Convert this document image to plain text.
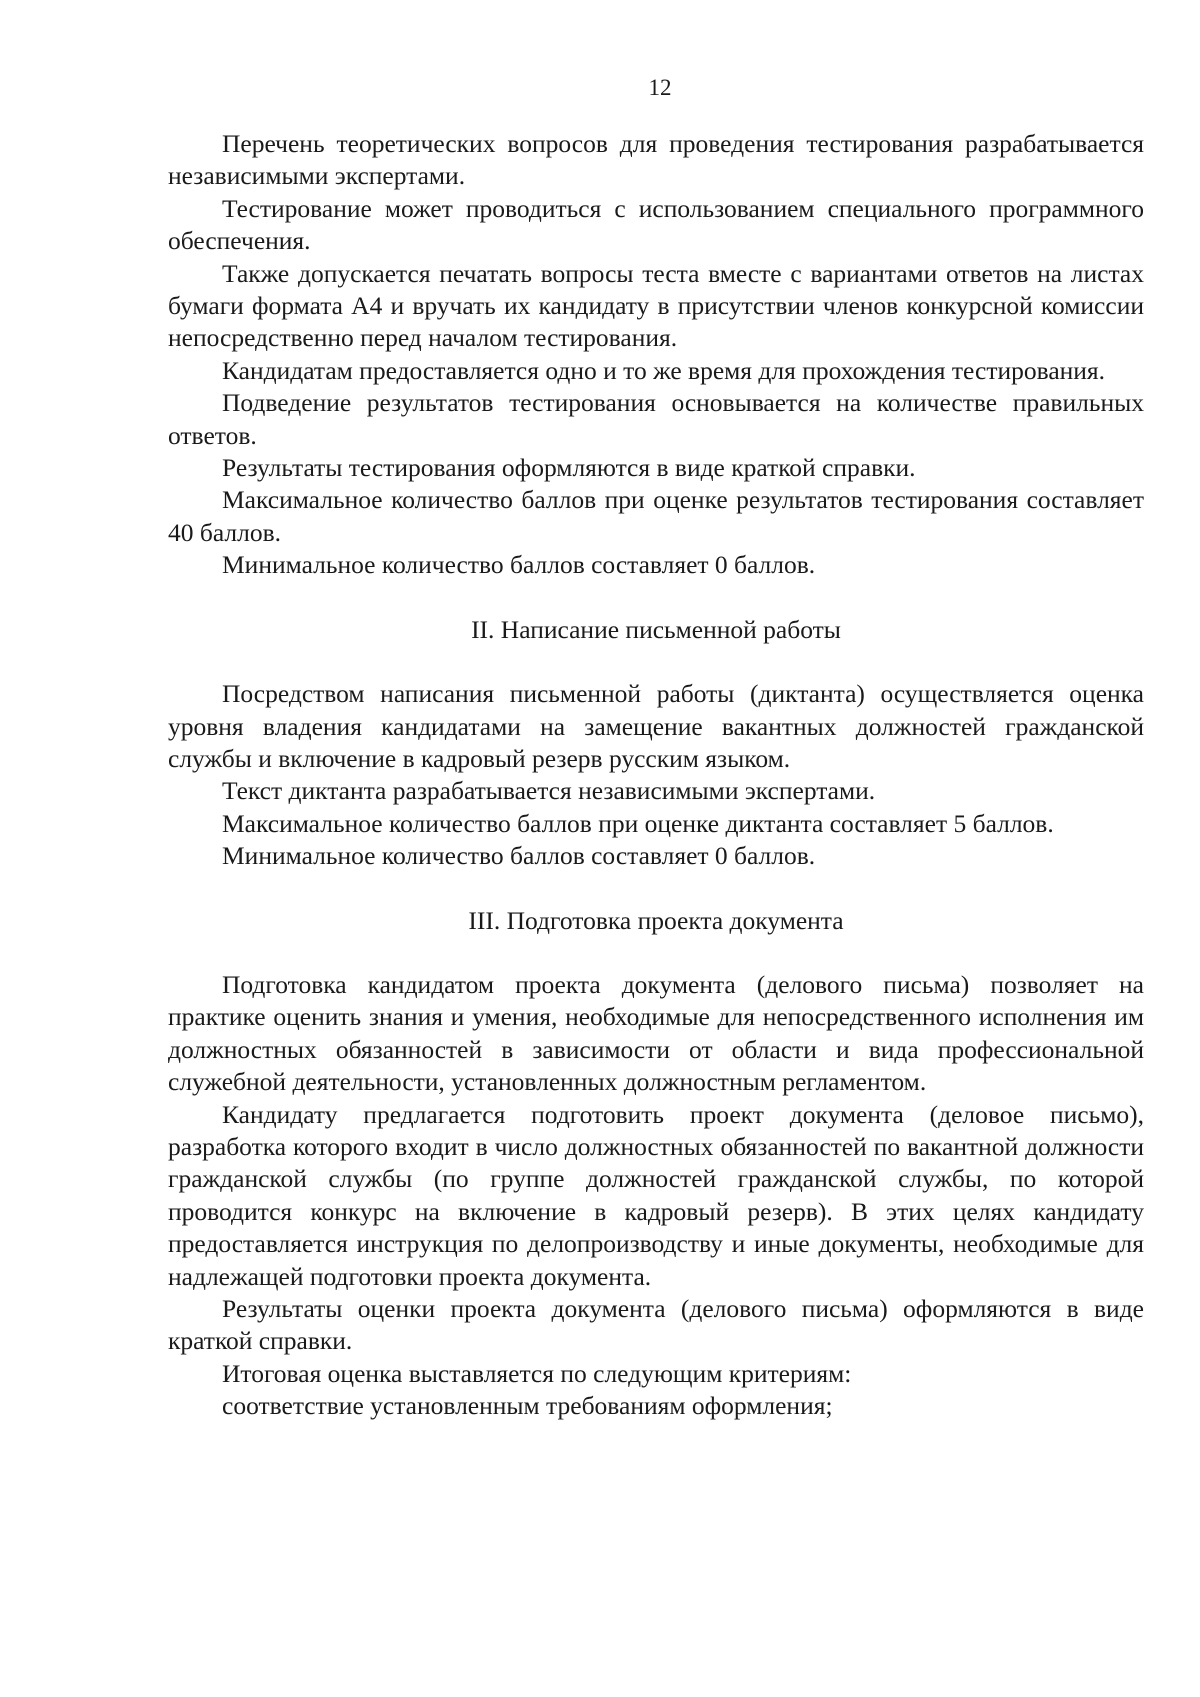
12

Перечень теоретических вопросов для проведения тестирования разрабатывается независимыми экспертами.

Тестирование может проводиться с использованием специального программного обеспечения.

Также допускается печатать вопросы теста вместе с вариантами ответов на листах бумаги формата А4 и вручать их кандидату в присутствии членов конкурсной комиссии непосредственно перед началом тестирования.

Кандидатам предоставляется одно и то же время для прохождения тестирования.

Подведение результатов тестирования основывается на количестве правильных ответов.

Результаты тестирования оформляются в виде краткой справки.

Максимальное количество баллов при оценке результатов тестирования составляет 40 баллов.

Минимальное количество баллов составляет 0 баллов.

II. Написание письменной работы

Посредством написания письменной работы (диктанта) осуществляется оценка уровня владения кандидатами на замещение вакантных должностей гражданской службы и включение в кадровый резерв русским языком.

Текст диктанта разрабатывается независимыми экспертами.

Максимальное количество баллов при оценке диктанта составляет 5 баллов.

Минимальное количество баллов составляет 0 баллов.

III. Подготовка проекта документа

Подготовка кандидатом проекта документа (делового письма) позволяет на практике оценить знания и умения, необходимые для непосредственного исполнения им должностных обязанностей в зависимости от области и вида профессиональной служебной деятельности, установленных должностным регламентом.

Кандидату предлагается подготовить проект документа (деловое письмо), разработка которого входит в число должностных обязанностей по вакантной должности гражданской службы (по группе должностей гражданской службы, по которой проводится конкурс на включение в кадровый резерв). В этих целях кандидату предоставляется инструкция по делопроизводству и иные документы, необходимые для надлежащей подготовки проекта документа.

Результаты оценки проекта документа (делового письма) оформляются в виде краткой справки.

Итоговая оценка выставляется по следующим критериям:

соответствие установленным требованиям оформления;
